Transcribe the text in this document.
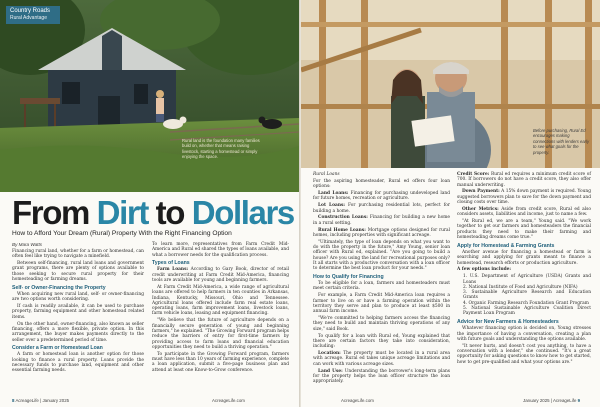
Country Roads
Rural Advantage
Rural land is the foundation many families build on, whether that means raising livestock, starting a homestead or simply enjoying the space.
From Dirt to Dollars
How to Afford Your Dream (Rural) Property With the Right Financing Option
By Mara Watts

Financing rural land, whether for a farm or homestead, can often feel like trying to navigate a minefield.

Between self-financing, rural land loans and government grant programs, there are plenty of options available to those seeking to secure rural property for their homesteading or farming dreams.

Self- or Owner-Financing the Property

When acquiring new rural land, self- or owner-financing are two options worth considering.

If cash is readily available, it can be used to purchase property, farming equipment and other homestead related items.

On the other hand, owner-financing, also known as seller financing, offers a more flexible, private option. In this arrangement, the buyer makes payments directly to the seller over a predetermined period of time.

Consider a Farm or Homestead Loan

A farm or homestead loan is another option for those looking to finance a rural property. Loans provide the necessary funds to purchase land, equipment and other essential farming needs.

To learn more, representatives from Farm Credit Mid-America and Rural ed shared the types of loans available, and what a borrower needs for the qualification process.

Types of Loans

Farm Loans: According to Gary Book, director of retail credit underwriting at Farm Credit Mid-America, financing tools are available for young and beginning farmers.

At Farm Credit Mid-America, a wide range of agricultural loans are offered to help farmers in ten counties in Arkansas, Indiana, Kentucky, Missouri, Ohio and Tennessee. Agricultural loans offered include farm real estate loans, operating loans, farm improvement loans, livestock loans, farm vehicle loans, leasing and equipment financing.

"We believe that the future of agriculture depends on a financially secure generation of young and beginning farmers," he explained. "The Growing Forward program helps reduce the barriers of entry for first-time farmers by providing access to farm loans and financial education opportunities they need to build a thriving operation."

To participate in the Growing Forward program, farmers must have less than 10 years of farming experience, complete a loan application, submit a five-page business plan and attend at least one Know-to-Grow conference.

8 AcreageLife | January 2025	AcreageLife.com
Before purchasing, Rural Ed encourages making connections with lenders early to see what goals for the property.

Rural Loans

For the aspiring homesteader, Rural ed offers four loan options:

Land Loans: Financing for purchasing undeveloped land for future homes, recreation or agriculture.

Lot Loans: For purchasing residential lots, perfect for building a home.

Construction Loans: Financing for building a new home in a rural setting.

Rural Home Loans: Mortgage options designed for rural homes, including properties with significant acreage.

"Ultimately, the type of loan depends on what you want to do with the property in the future," Amy Young, senior loan officer with Rural ed, explained. "Are you going to build a house? Are you using the land for recreational purposes only? It all starts with a productive conversation with a loan officer to determine the best loan product for your needs."

How to Qualify for Financing

To be eligible for a loan, farmers and homesteaders must meet certain criteria.

For example, a Farm Credit Mid-America loan requires a farmer to live on or have a farming operation within the territory they serve and plan to produce at least $500 in annual farm income.

"We're committed to helping farmers access the financing they need to build and maintain thriving operations of any size," said Book.

To qualify for a loan with Rural ed, Young explained that there are certain factors they take into consideration, including:

Location: The property must be located in a rural area with acreage. Rural ed takes unique acreage limitations and can work with various acreage sizes.

Land Use: Understanding the borrower's long-term plans for the property helps the loan officer structure the loan appropriately.

Credit Score: Rural ed requires a minimum credit score of 700. If borrowers do not have a credit score, they also offer manual underwriting.

Down Payment: A 15% down payment is required. Young suggested borrowers plan to save for the down payment and closing costs over time.

Other Metrics: Aside from credit score, Rural ed also considers assets, liabilities and income, just to name a few.

"At Rural ed, we are a team," Young said. "We work together to get our farmers and homesteaders the financial products they need to make their farming and homesteading dreams come true."

Apply for Homestead & Farming Grants

Another avenue for financing a homestead or farm is searching and applying for grants meant to finance a homestead, research efforts or production agriculture.

A few options include:

1. U.S. Department of Agriculture (USDA) Grants and Loans
2. National Institute of Food and Agriculture (NIFA)
3. Sustainable Agriculture Research and Education Grants
4. Organic Farming Research Foundation Grant Program
5. National Sustainable Agriculture Coalition Direct Payment Loan Program
Advice for New Farmers & Homesteaders

Whatever financing option is decided on, Young stresses the importance of having a conversation, creating a plan with future goals and understanding the options available.

"It never hurts, and doesn't cost you anything, to have a conversation with a lender," she continued. "It's a great opportunity for asking questions to know how to get started, how to get pre-qualified and what your options are."

AcreageLife.com	January 2025 | AcreageLife 9
